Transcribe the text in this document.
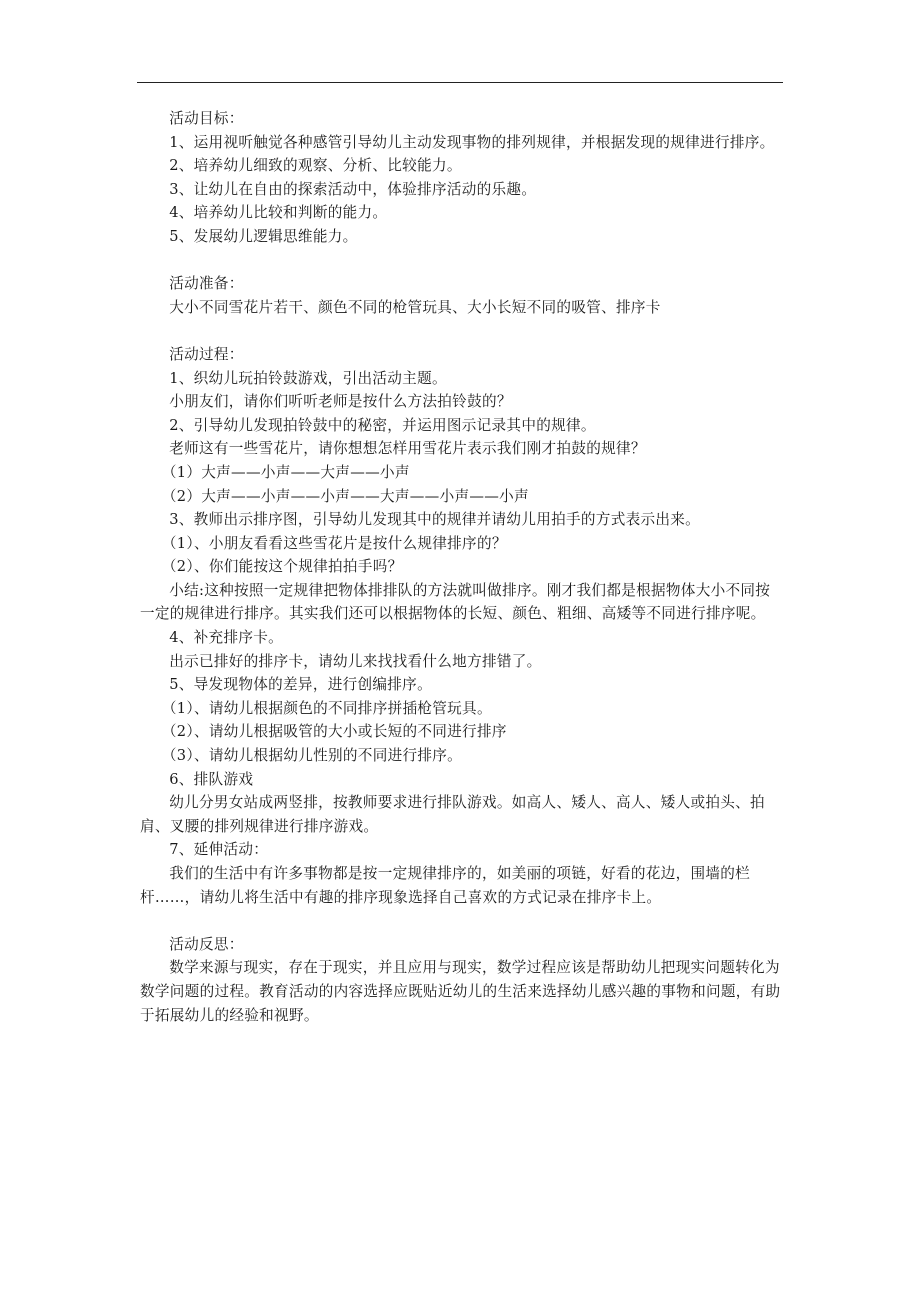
活动目标：

1、运用视听触觉各种感管引导幼儿主动发现事物的排列规律，并根据发现的规律进行排序。

2、培养幼儿细致的观察、分析、比较能力。

3、让幼儿在自由的探索活动中，体验排序活动的乐趣。

4、培养幼儿比较和判断的能力。

5、发展幼儿逻辑思维能力。

活动准备：

大小不同雪花片若干、颜色不同的枪管玩具、大小长短不同的吸管、排序卡

活动过程：

1、织幼儿玩拍铃鼓游戏，引出活动主题。

小朋友们，请你们听听老师是按什么方法拍铃鼓的？

2、引导幼儿发现拍铃鼓中的秘密，并运用图示记录其中的规律。

老师这有一些雪花片，请你想想怎样用雪花片表示我们刚才拍鼓的规律？

（1）大声——小声——大声——小声

（2）大声——小声——小声——大声——小声——小声

3、教师出示排序图，引导幼儿发现其中的规律并请幼儿用拍手的方式表示出来。

（1）、小朋友看看这些雪花片是按什么规律排序的？

（2）、你们能按这个规律拍拍手吗？

小结:这种按照一定规律把物体排排队的方法就叫做排序。刚才我们都是根据物体大小不同按一定的规律进行排序。其实我们还可以根据物体的长短、颜色、粗细、高矮等不同进行排序呢。

4、补充排序卡。

出示已排好的排序卡，请幼儿来找找看什么地方排错了。

5、导发现物体的差异，进行创编排序。

（1）、请幼儿根据颜色的不同排序拼插枪管玩具。

（2）、请幼儿根据吸管的大小或长短的不同进行排序

（3）、请幼儿根据幼儿性别的不同进行排序。

6、排队游戏

幼儿分男女站成两竖排，按教师要求进行排队游戏。如高人、矮人、高人、矮人或拍头、拍肩、叉腰的排列规律进行排序游戏。

7、延伸活动：

我们的生活中有许多事物都是按一定规律排序的，如美丽的项链，好看的花边，围墙的栏杆……，请幼儿将生活中有趣的排序现象选择自己喜欢的方式记录在排序卡上。

活动反思：

数学来源与现实，存在于现实，并且应用与现实，数学过程应该是帮助幼儿把现实问题转化为数学问题的过程。教育活动的内容选择应既贴近幼儿的生活来选择幼儿感兴趣的事物和问题，有助于拓展幼儿的经验和视野。
